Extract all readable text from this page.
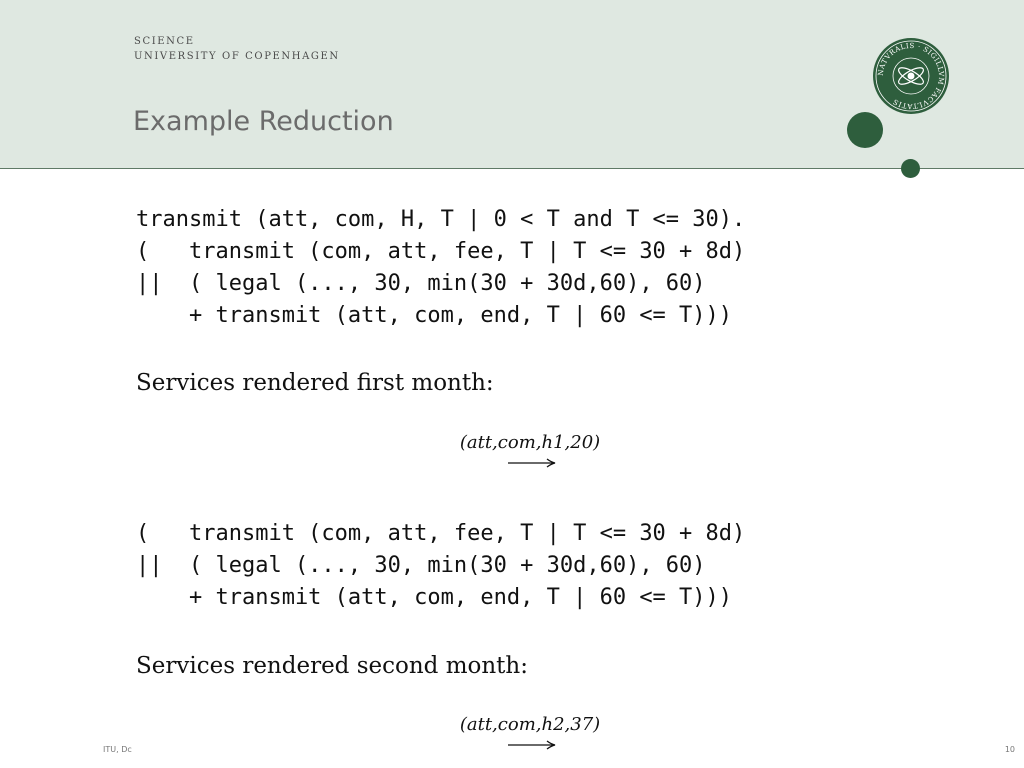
SCIENCE
UNIVERSITY OF COPENHAGEN
Example Reduction
NATVRALIS · SIGILLVM FACVLTATIS
transmit (att, com, H, T | 0 < T and T <= 30).
(   transmit (com, att, fee, T | T <= 30 + 8d)
||  ( legal (..., 30, min(30 + 30d,60), 60)
+ transmit (att, com, end, T | 60 <= T)))

Services rendered first month:

(att,com,h1,20)
(   transmit (com, att, fee, T | T <= 30 + 8d)
||  ( legal (..., 30, min(30 + 30d,60), 60)
+ transmit (att, com, end, T | 60 <= T)))

Services rendered second month:

(att,com,h2,37)
ITU, Dc	10
